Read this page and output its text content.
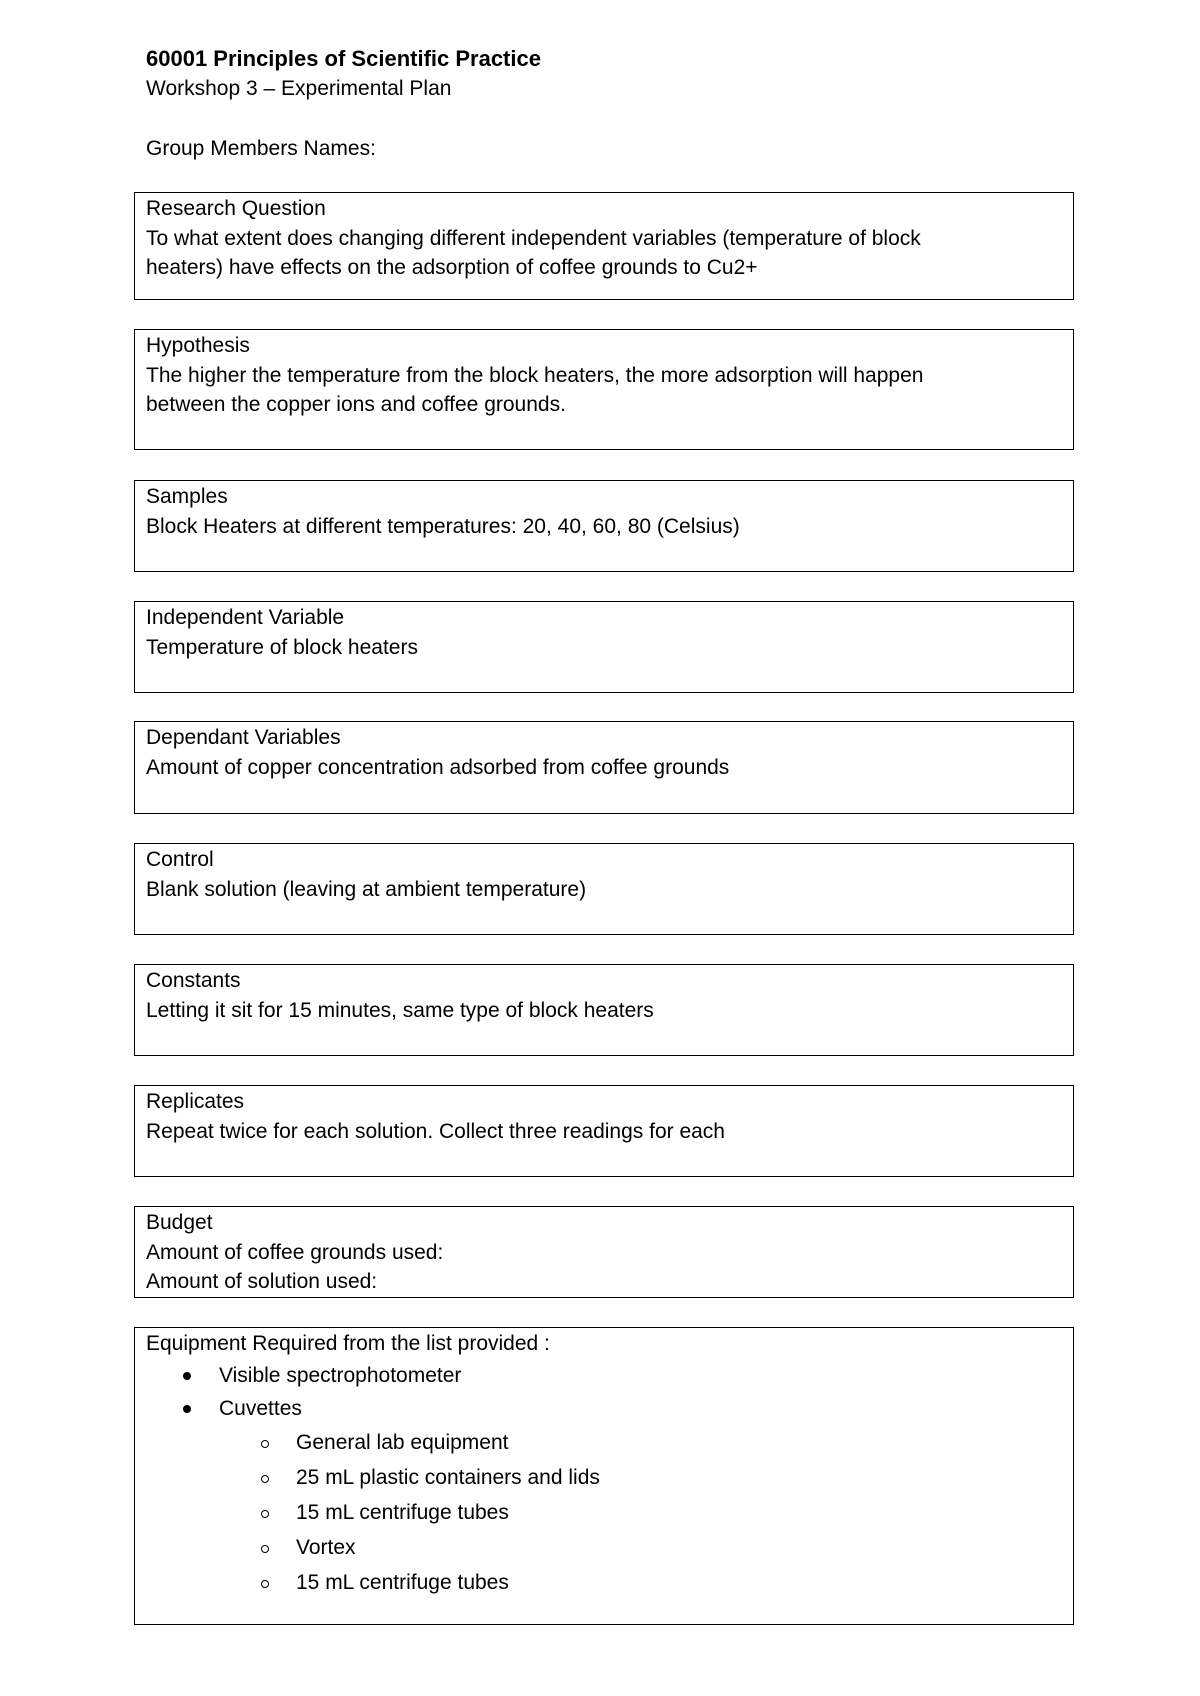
60001 Principles of Scientific Practice
Workshop 3 – Experimental Plan
Group Members Names:
Research Question
To what extent does changing different independent variables (temperature of block
heaters) have effects on the adsorption of coffee grounds to Cu2+
Hypothesis
The higher the temperature from the block heaters, the more adsorption will happen
between the copper ions and coffee grounds.
Samples
Block Heaters at different temperatures: 20, 40, 60, 80 (Celsius)
Independent Variable
Temperature of block heaters
Dependant Variables
Amount of copper concentration adsorbed from coffee grounds
Control
Blank solution (leaving at ambient temperature)
Constants
Letting it sit for 15 minutes, same type of block heaters
Replicates
Repeat twice for each solution. Collect three readings for each
Budget
Amount of coffee grounds used:
Amount of solution used:
Equipment Required from the list provided :
Visible spectrophotometer
Cuvettes
General lab equipment
25 mL plastic containers and lids
15 mL centrifuge tubes
Vortex
15 mL centrifuge tubes
